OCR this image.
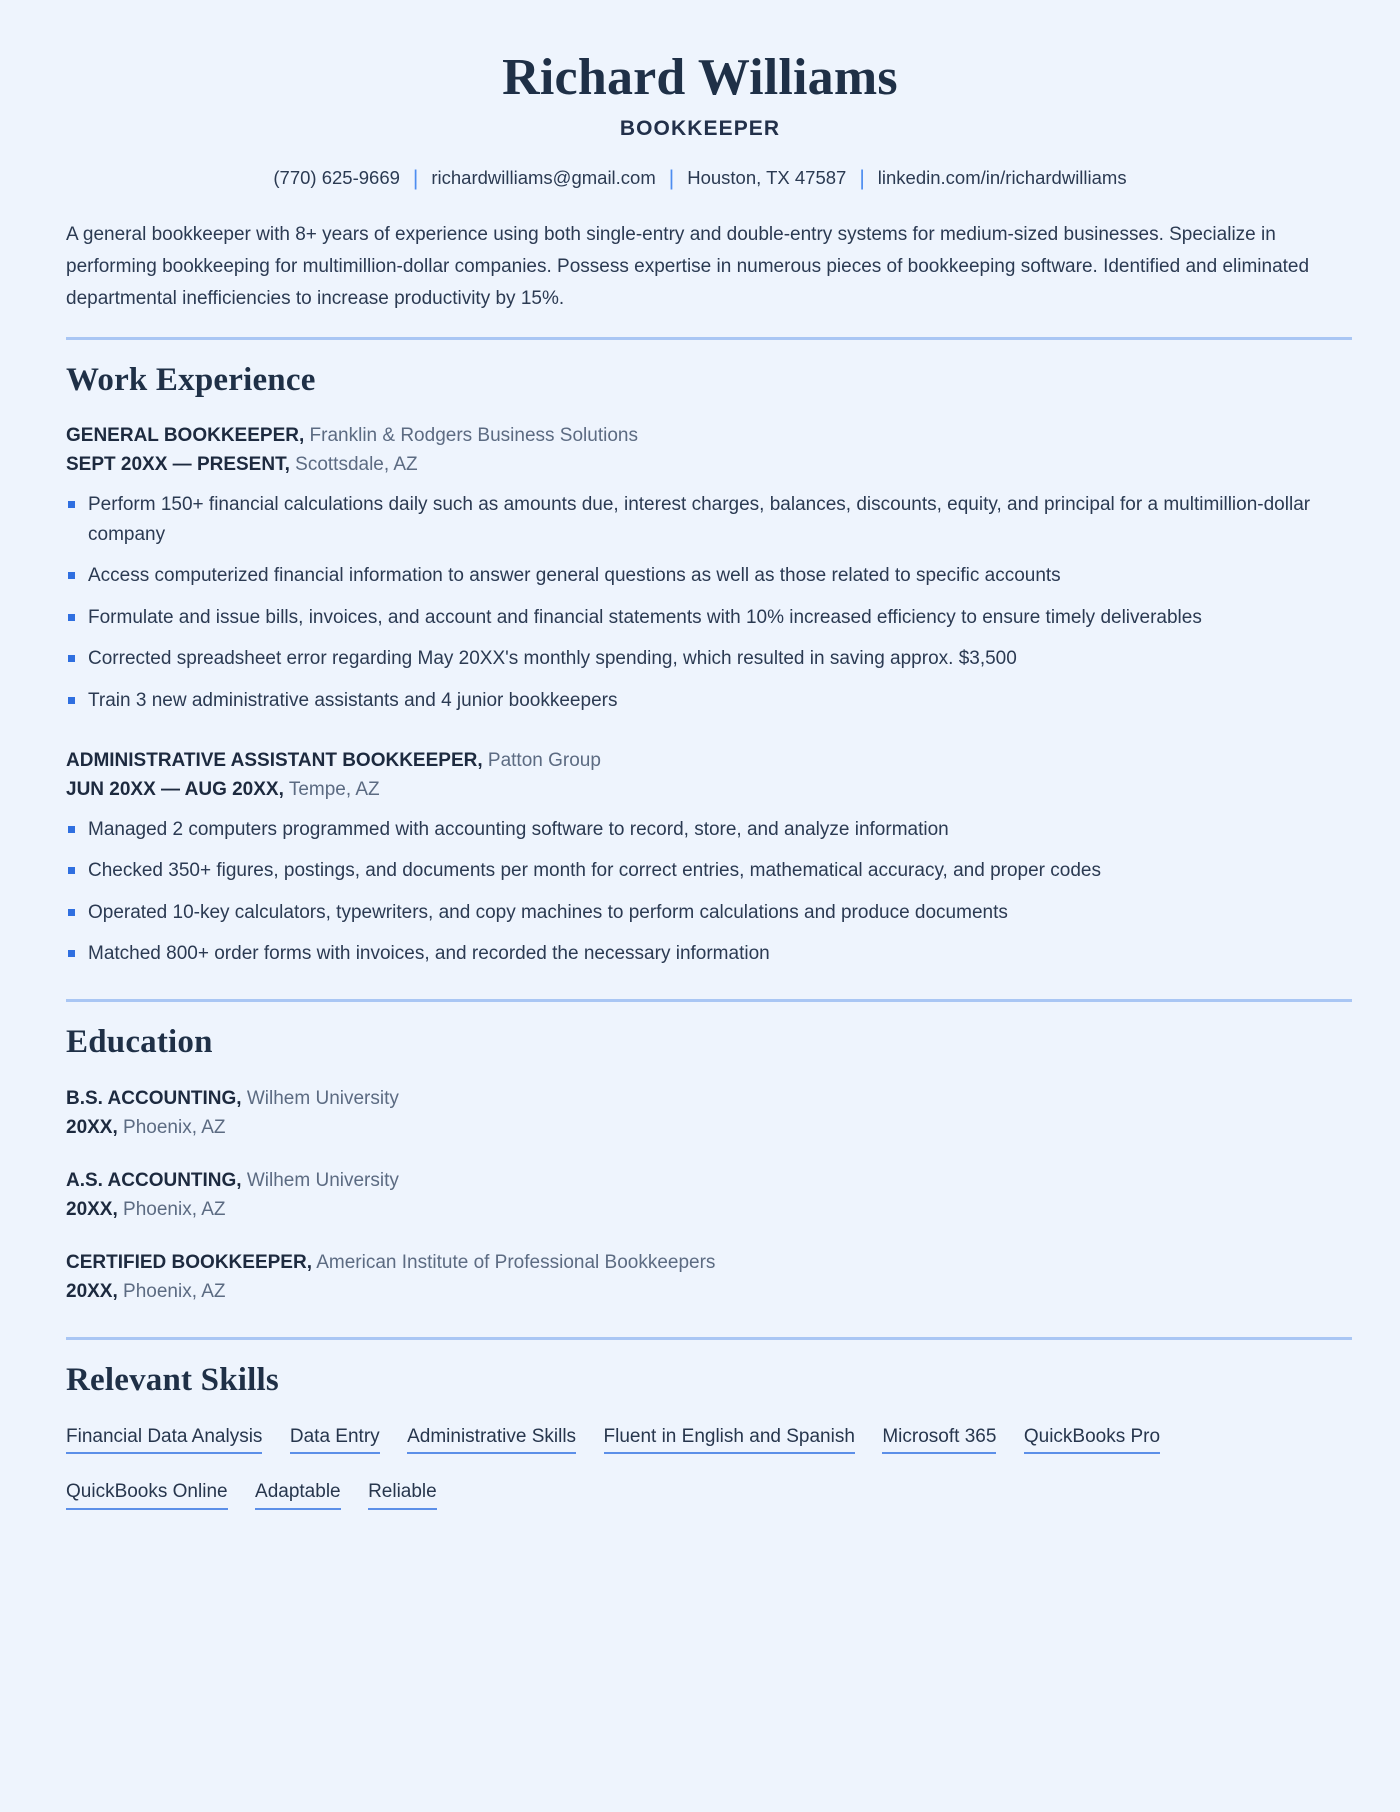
Richard Williams
BOOKKEEPER
(770) 625-9669 | richardwilliams@gmail.com | Houston, TX 47587 | linkedin.com/in/richardwilliams

A general bookkeeper with 8+ years of experience using both single-entry and double-entry systems for medium-sized businesses. Specialize in performing bookkeeping for multimillion-dollar companies. Possess expertise in numerous pieces of bookkeeping software. Identified and eliminated departmental inefficiencies to increase productivity by 15%.

Work Experience
GENERAL BOOKKEEPER, Franklin & Rodgers Business Solutions
SEPT 20XX — PRESENT, Scottsdale, AZ
Perform 150+ financial calculations daily such as amounts due, interest charges, balances, discounts, equity, and principal for a multimillion-dollar company
Access computerized financial information to answer general questions as well as those related to specific accounts
Formulate and issue bills, invoices, and account and financial statements with 10% increased efficiency to ensure timely deliverables
Corrected spreadsheet error regarding May 20XX's monthly spending, which resulted in saving approx. $3,500
Train 3 new administrative assistants and 4 junior bookkeepers
ADMINISTRATIVE ASSISTANT BOOKKEEPER, Patton Group
JUN 20XX — AUG 20XX, Tempe, AZ
Managed 2 computers programmed with accounting software to record, store, and analyze information
Checked 350+ figures, postings, and documents per month for correct entries, mathematical accuracy, and proper codes
Operated 10-key calculators, typewriters, and copy machines to perform calculations and produce documents
Matched 800+ order forms with invoices, and recorded the necessary information
Education
B.S. ACCOUNTING, Wilhem University
20XX, Phoenix, AZ
A.S. ACCOUNTING, Wilhem University
20XX, Phoenix, AZ
CERTIFIED BOOKKEEPER, American Institute of Professional Bookkeepers
20XX, Phoenix, AZ
Relevant Skills
Financial Data Analysis Data Entry Administrative Skills Fluent in English and Spanish Microsoft 365 QuickBooks Pro QuickBooks Online Adaptable Reliable
